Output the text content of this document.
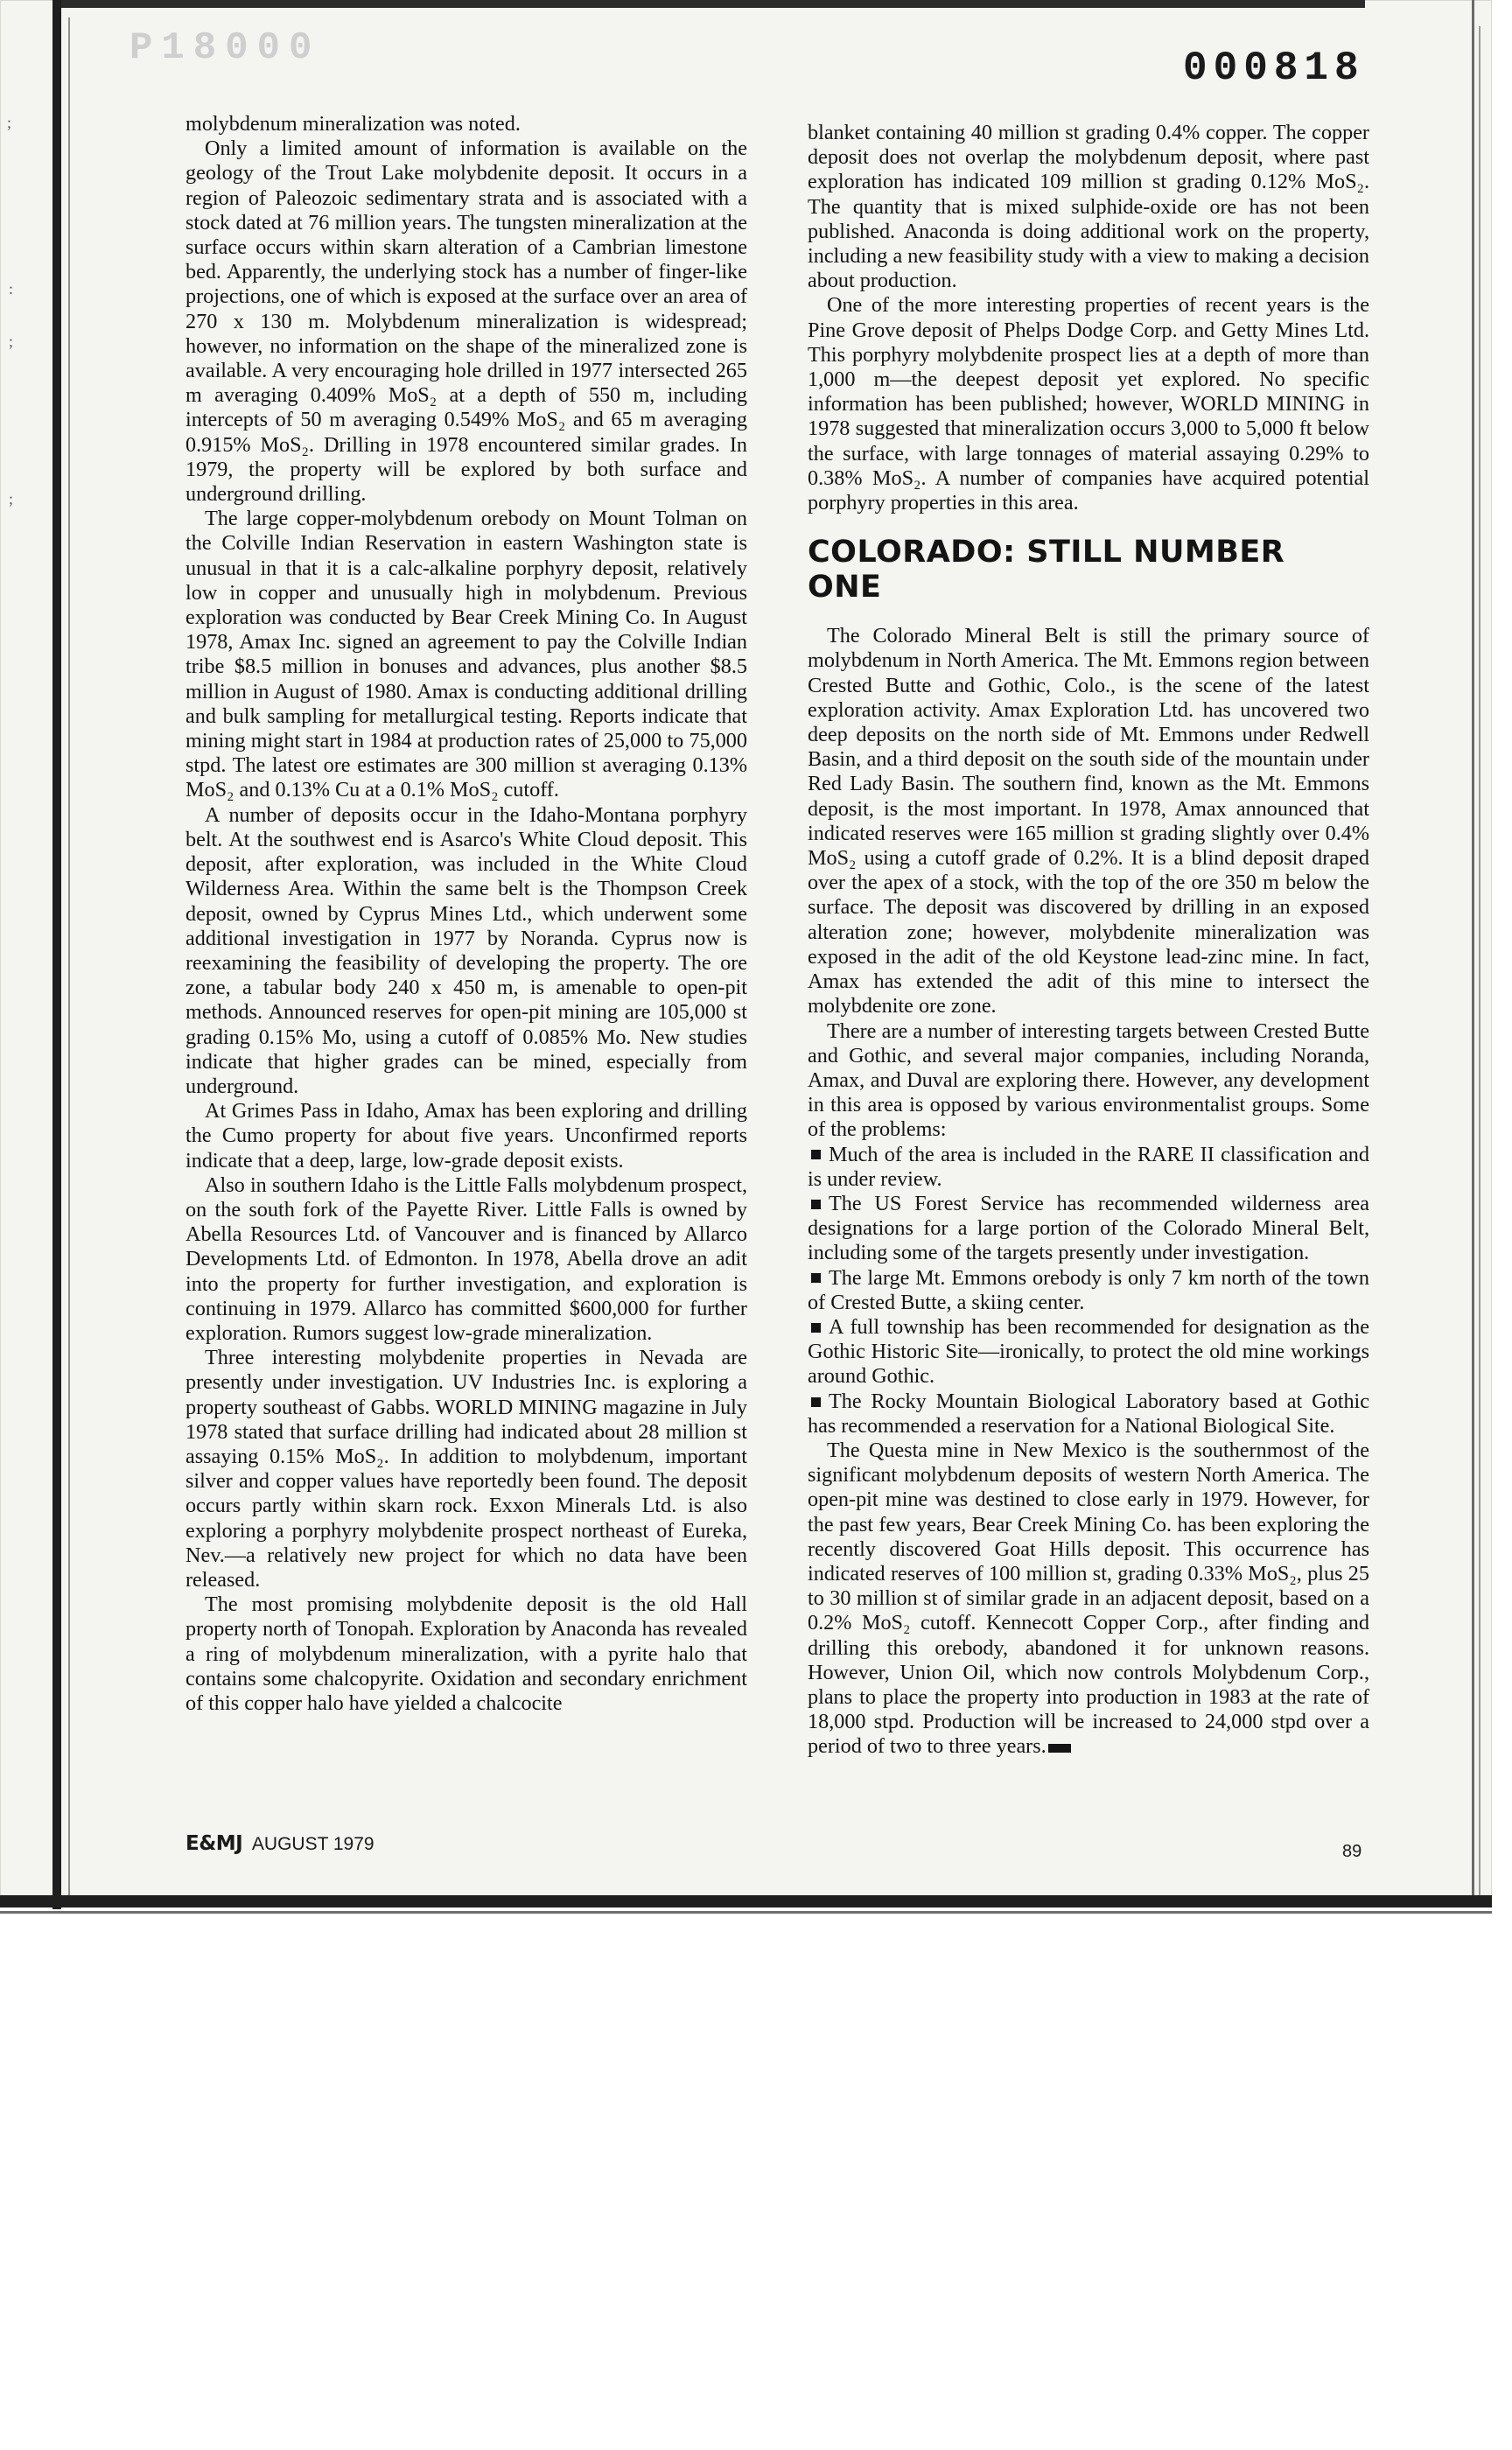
;
:
;
;
P18000	000818

molybdenum mineralization was noted.

Only a limited amount of information is available on the geology of the Trout Lake molybdenite deposit. It occurs in a region of Paleozoic sedimentary strata and is associated with a stock dated at 76 million years. The tungsten mineralization at the surface occurs within skarn alteration of a Cambrian limestone bed. Apparently, the underlying stock has a number of finger-like projections, one of which is exposed at the surface over an area of 270 x 130 m. Molybdenum mineralization is widespread; however, no information on the shape of the mineralized zone is available. A very encouraging hole drilled in 1977 intersected 265 m averaging 0.409% MoS₂ at a depth of 550 m, including intercepts of 50 m averaging 0.549% MoS₂ and 65 m averaging 0.915% MoS₂. Drilling in 1978 encountered similar grades. In 1979, the property will be explored by both surface and underground drilling.

The large copper-molybdenum orebody on Mount Tolman on the Colville Indian Reservation in eastern Washington state is unusual in that it is a calc-alkaline porphyry deposit, relatively low in copper and unusually high in molybdenum. Previous exploration was conducted by Bear Creek Mining Co. In August 1978, Amax Inc. signed an agreement to pay the Colville Indian tribe $8.5 million in bonuses and advances, plus another $8.5 million in August of 1980. Amax is conducting additional drilling and bulk sampling for metallurgical testing. Reports indicate that mining might start in 1984 at production rates of 25,000 to 75,000 stpd. The latest ore estimates are 300 million st averaging 0.13% MoS₂ and 0.13% Cu at a 0.1% MoS₂ cutoff.

A number of deposits occur in the Idaho-Montana porphyry belt. At the southwest end is Asarco's White Cloud deposit. This deposit, after exploration, was included in the White Cloud Wilderness Area. Within the same belt is the Thompson Creek deposit, owned by Cyprus Mines Ltd., which underwent some additional investigation in 1977 by Noranda. Cyprus now is reexamining the feasibility of developing the property. The ore zone, a tabular body 240 x 450 m, is amenable to open-pit methods. Announced reserves for open-pit mining are 105,000 st grading 0.15% Mo, using a cutoff of 0.085% Mo. New studies indicate that higher grades can be mined, especially from underground.

At Grimes Pass in Idaho, Amax has been exploring and drilling the Cumo property for about five years. Unconfirmed reports indicate that a deep, large, low-grade deposit exists.

Also in southern Idaho is the Little Falls molybdenum prospect, on the south fork of the Payette River. Little Falls is owned by Abella Resources Ltd. of Vancouver and is financed by Allarco Developments Ltd. of Edmonton. In 1978, Abella drove an adit into the property for further investigation, and exploration is continuing in 1979. Allarco has committed $600,000 for further exploration. Rumors suggest low-grade mineralization.

Three interesting molybdenite properties in Nevada are presently under investigation. UV Industries Inc. is exploring a property southeast of Gabbs. WORLD MINING magazine in July 1978 stated that surface drilling had indicated about 28 million st assaying 0.15% MoS₂. In addition to molybdenum, important silver and copper values have reportedly been found. The deposit occurs partly within skarn rock. Exxon Minerals Ltd. is also exploring a porphyry molybdenite prospect northeast of Eureka, Nev.—a relatively new project for which no data have been released.

The most promising molybdenite deposit is the old Hall property north of Tonopah. Exploration by Anaconda has revealed a ring of molybdenum mineralization, with a pyrite halo that contains some chalcopyrite. Oxidation and secondary enrichment of this copper halo have yielded a chalcocite

blanket containing 40 million st grading 0.4% copper. The copper deposit does not overlap the molybdenum deposit, where past exploration has indicated 109 million st grading 0.12% MoS₂. The quantity that is mixed sulphide-oxide ore has not been published. Anaconda is doing additional work on the property, including a new feasibility study with a view to making a decision about production.

One of the more interesting properties of recent years is the Pine Grove deposit of Phelps Dodge Corp. and Getty Mines Ltd. This porphyry molybdenite prospect lies at a depth of more than 1,000 m—the deepest deposit yet explored. No specific information has been published; however, WORLD MINING in 1978 suggested that mineralization occurs 3,000 to 5,000 ft below the surface, with large tonnages of material assaying 0.29% to 0.38% MoS₂. A number of companies have acquired potential porphyry properties in this area.

COLORADO: STILL NUMBER ONE

The Colorado Mineral Belt is still the primary source of molybdenum in North America. The Mt. Emmons region between Crested Butte and Gothic, Colo., is the scene of the latest exploration activity. Amax Exploration Ltd. has uncovered two deep deposits on the north side of Mt. Emmons under Redwell Basin, and a third deposit on the south side of the mountain under Red Lady Basin. The southern find, known as the Mt. Emmons deposit, is the most important. In 1978, Amax announced that indicated reserves were 165 million st grading slightly over 0.4% MoS₂ using a cutoff grade of 0.2%. It is a blind deposit draped over the apex of a stock, with the top of the ore 350 m below the surface. The deposit was discovered by drilling in an exposed alteration zone; however, molybdenite mineralization was exposed in the adit of the old Keystone lead-zinc mine. In fact, Amax has extended the adit of this mine to intersect the molybdenite ore zone.

There are a number of interesting targets between Crested Butte and Gothic, and several major companies, including Noranda, Amax, and Duval are exploring there. However, any development in this area is opposed by various environmentalist groups. Some of the problems:

Much of the area is included in the RARE II classification and is under review.

The US Forest Service has recommended wilderness area designations for a large portion of the Colorado Mineral Belt, including some of the targets presently under investigation.

The large Mt. Emmons orebody is only 7 km north of the town of Crested Butte, a skiing center.

A full township has been recommended for designation as the Gothic Historic Site—ironically, to protect the old mine workings around Gothic.

The Rocky Mountain Biological Laboratory based at Gothic has recommended a reservation for a National Biological Site.

The Questa mine in New Mexico is the southernmost of the significant molybdenum deposits of western North America. The open-pit mine was destined to close early in 1979. However, for the past few years, Bear Creek Mining Co. has been exploring the recently discovered Goat Hills deposit. This occurrence has indicated reserves of 100 million st, grading 0.33% MoS₂, plus 25 to 30 million st of similar grade in an adjacent deposit, based on a 0.2% MoS₂ cutoff. Kennecott Copper Corp., after finding and drilling this orebody, abandoned it for unknown reasons. However, Union Oil, which now controls Molybdenum Corp., plans to place the property into production in 1983 at the rate of 18,000 stpd. Production will be increased to 24,000 stpd over a period of two to three years.

E&MJ AUGUST 1979	89
